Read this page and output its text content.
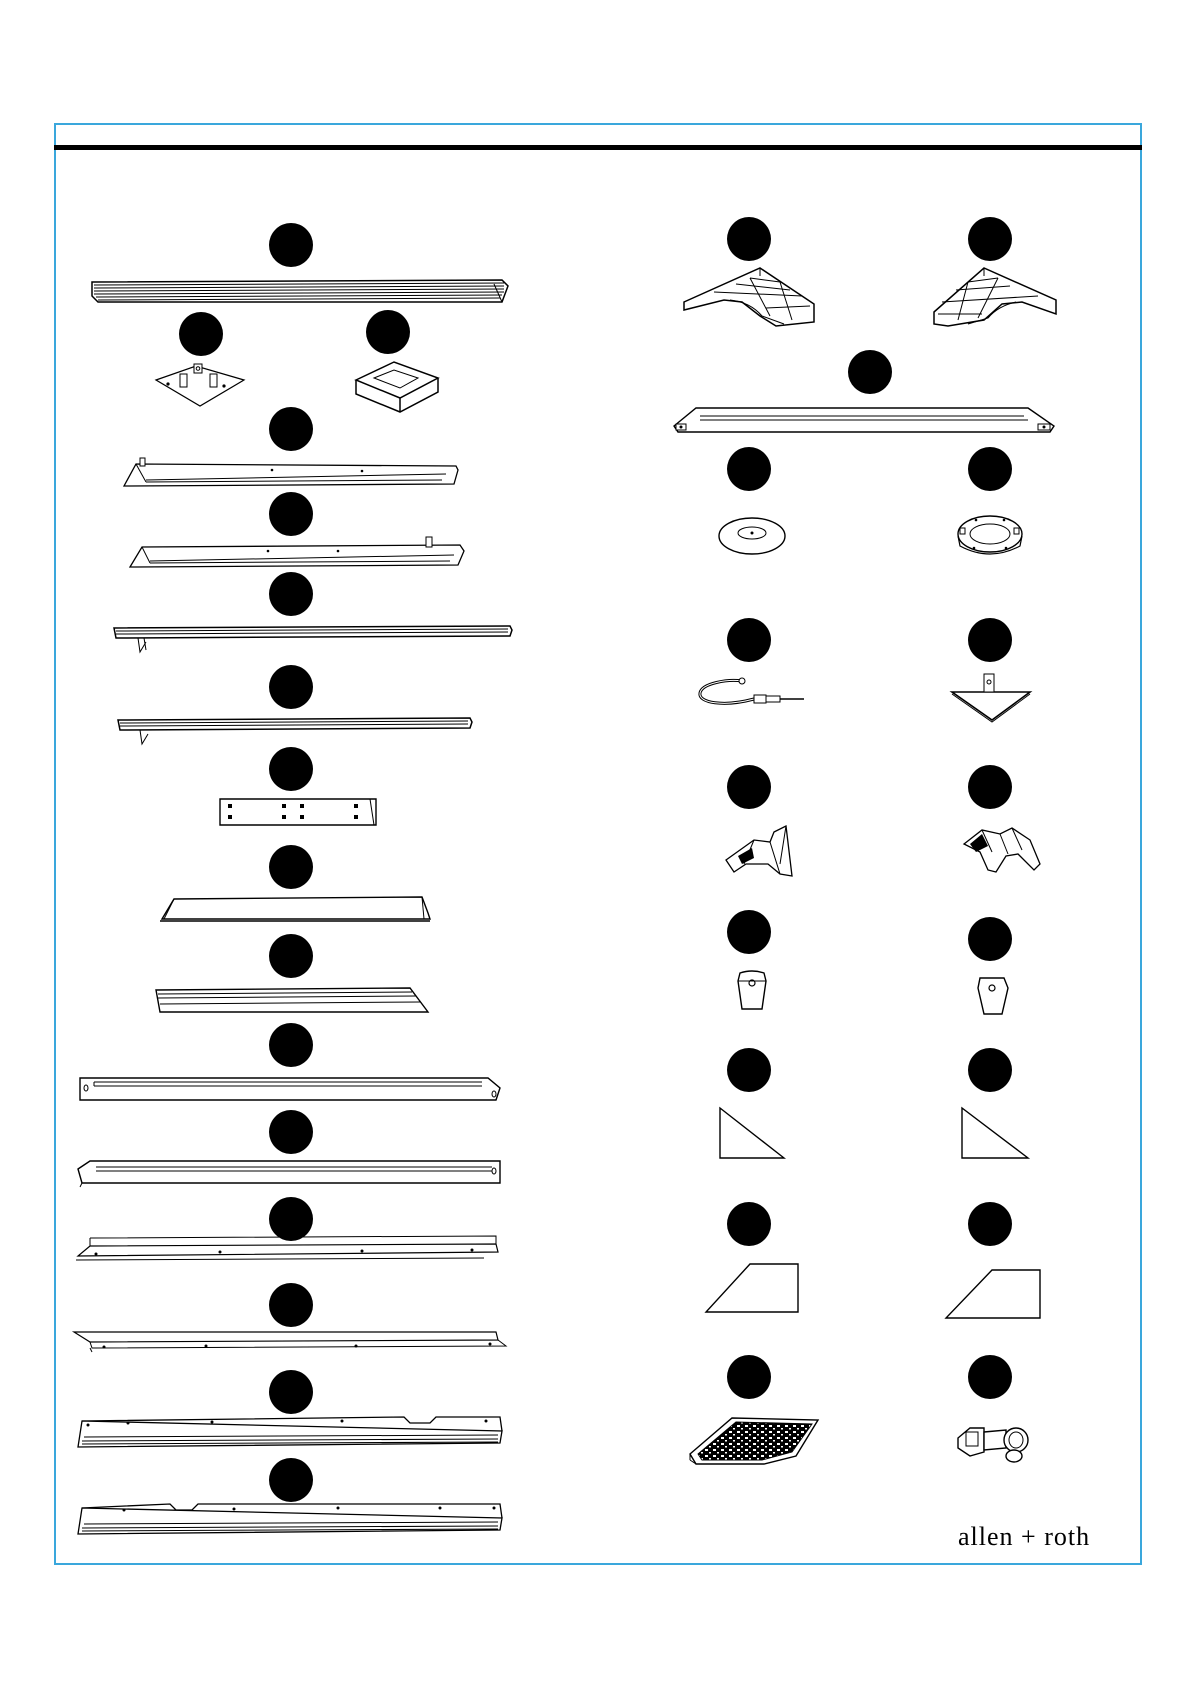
allen + roth
